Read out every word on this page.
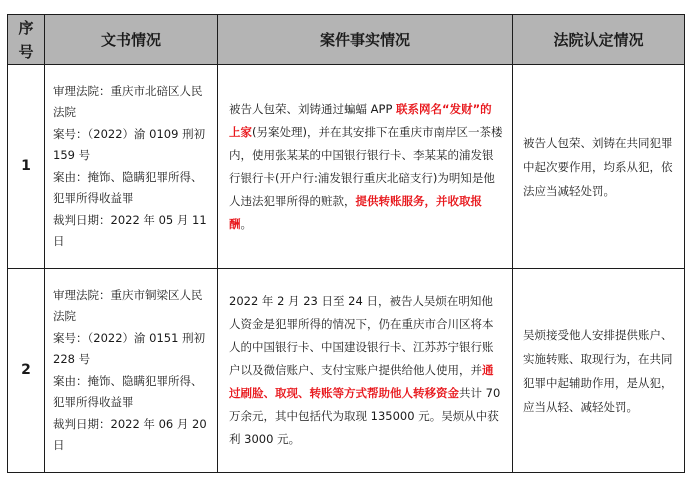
序
号	文书情况	案件事实情况	法院认定情况
1	审理法院：重庆市北碚区人民法院
案号：（2022）渝 0109 刑初 159 号
案由：掩饰、隐瞒犯罪所得、犯罪所得收益罪
裁判日期：2022 年 05 月 11 日	被告人包荣、刘铸通过蝙蝠 APP 联系网名“发财”的上家(另案处理)，并在其安排下在重庆市南岸区一茶楼内，使用张某某的中国银行银行卡、李某某的浦发银行银行卡(开户行:浦发银行重庆北碚支行)为明知是他人违法犯罪所得的赃款，提供转账服务，并收取报酬。	被告人包荣、刘铸在共同犯罪中起次要作用，均系从犯，依法应当减轻处罚。
2	审理法院：重庆市铜梁区人民法院
案号：（2022）渝 0151 刑初 228 号
案由：掩饰、隐瞒犯罪所得、犯罪所得收益罪
裁判日期：2022 年 06 月 20 日	2022 年 2 月 23 日至 24 日，被告人吴烦在明知他人资金是犯罪所得的情况下，仍在重庆市合川区将本人的中国银行卡、中国建设银行卡、江苏苏宁银行账户以及微信账户、支付宝账户提供给他人使用，并通过刷脸、取现、转账等方式帮助他人转移资金共计 70 万余元，其中包括代为取现 135000 元。吴烦从中获利 3000 元。	吴烦接受他人安排提供账户、实施转账、取现行为，在共同犯罪中起辅助作用，是从犯，应当从轻、减轻处罚。
